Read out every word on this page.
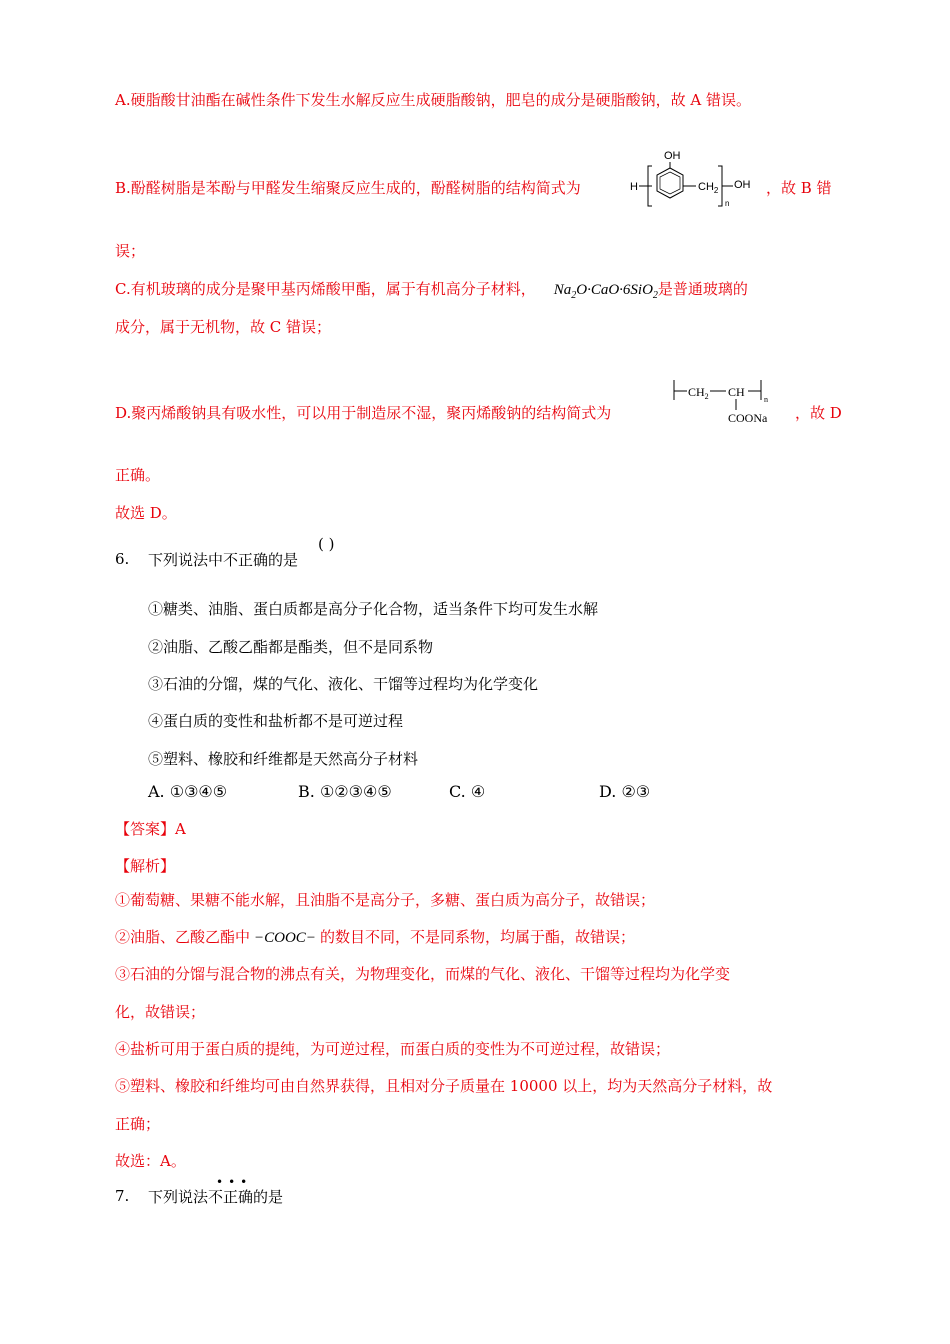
A.硬脂酸甘油酯在碱性条件下发生水解反应生成硬脂酸钠，肥皂的成分是硬脂酸钠，故 A 错误。
B.酚醛树脂是苯酚与甲醛发生缩聚反应生成的，酚醛树脂的结构简式为
OH
H	$CH_2$ OH
n
，故 B 错
误；
C.有机玻璃的成分是聚甲基丙烯酸甲酯，属于有机高分子材料， $Na_2O\cdot CaO\cdot 6SiO_2$是普通玻璃的
成分，属于无机物，故 C 错误；
D.聚丙烯酸钠具有吸水性，可以用于制造尿不湿，聚丙烯酸钠的结构简式为
$CH_2$ CH
n
COONa ，故 D
正确。
故选 D。
6. 下列说法中不正确的是
( )
①糖类、油脂、蛋白质都是高分子化合物，适当条件下均可发生水解
②油脂、乙酸乙酯都是酯类，但不是同系物
③石油的分馏，煤的气化、液化、干馏等过程均为化学变化
④蛋白质的变性和盐析都不是可逆过程
⑤塑料、橡胶和纤维都是天然高分子材料
A. ①③④⑤	B. ①②③④⑤	C. ④	D. ②③
【答案】A
【解析】
①葡萄糖、果糖不能水解，且油脂不是高分子，多糖、蛋白质为高分子，故错误；
②油脂、乙酸乙酯中 −COOC− 的数目不同，不是同系物，均属于酯，故错误；
③石油的分馏与混合物的沸点有关，为物理变化，而煤的气化、液化、干馏等过程均为化学变
化，故错误；
④盐析可用于蛋白质的提纯，为可逆过程，而蛋白质的变性为不可逆过程，故错误；
⑤塑料、橡胶和纤维均可由自然界获得，且相对分子质量在 10000 以上，均为天然高分子材料，故
正确；
故选：A。
•••
7. 下列说法不正确的是
